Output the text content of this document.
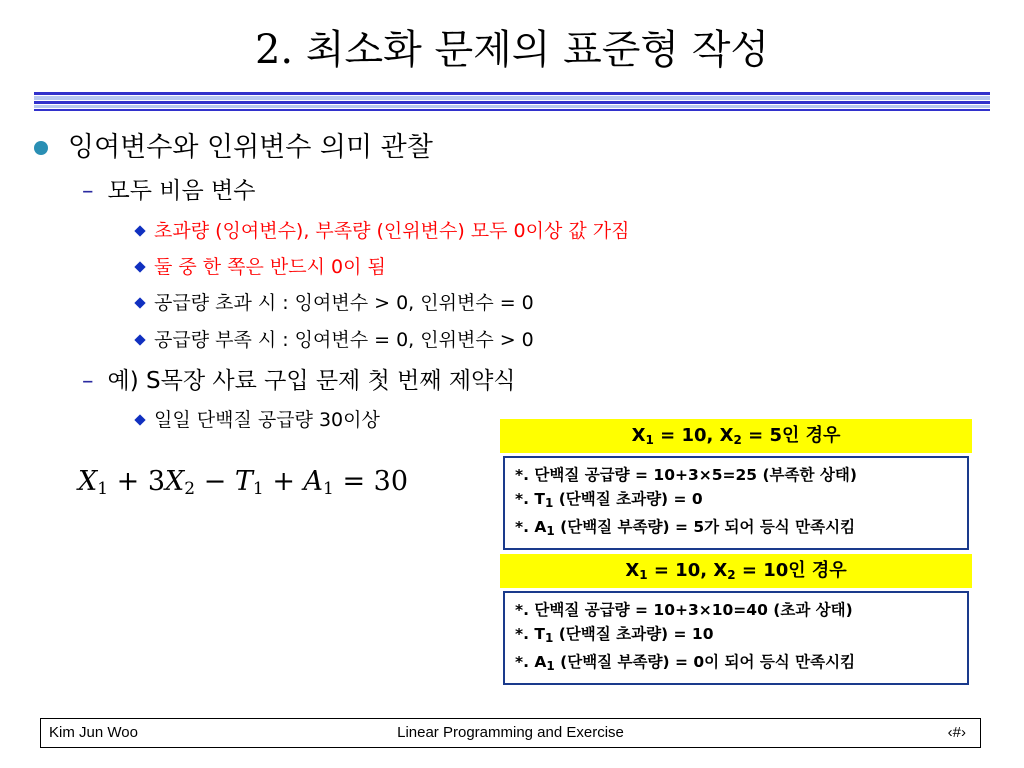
2. 최소화 문제의 표준형 작성
잉여변수와 인위변수 의미 관찰
– 모두 비음 변수
초과량 (잉여변수), 부족량 (인위변수) 모두 0이상 값 가짐
둘 중 한 쪽은 반드시 0이 됨
공급량 초과 시 : 잉여변수 > 0, 인위변수 = 0
공급량 부족 시 : 잉여변수 = 0, 인위변수 > 0
– 예) S목장 사료 구입 문제 첫 번째 제약식
일일 단백질 공급량 30이상
$X_1 + 3X_2 - T_1 + A_1 = 30$
$X_1 = 10$, $X_2 = 5$인 경우
*. 단백질 공급량 = 10+3×5=25 (부족한 상태)
*. $T_1$ (단백질 초과량) = 0
*. $A_1$ (단백질 부족량) = 5가 되어 등식 만족시킴
$X_1 = 10$, $X_2 = 10$인 경우
*. 단백질 공급량 = 10+3×10=40 (초과 상태)
*. $T_1$ (단백질 초과량) = 10
*. $A_1$ (단백질 부족량) = 0이 되어 등식 만족시킴
Kim Jun Woo	Linear Programming and Exercise	‹#›
